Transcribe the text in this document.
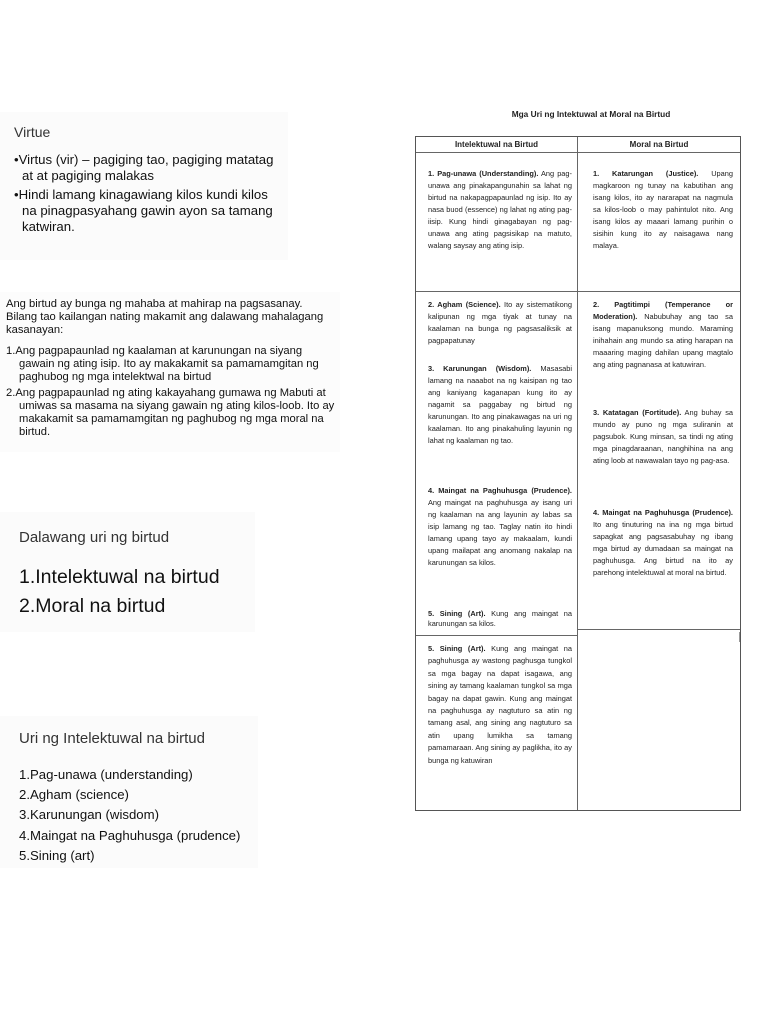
Virtue
•Virtus (vir) – pagiging tao, pagiging matatag at at pagiging malakas
•Hindi lamang kinagawiang kilos kundi kilos na pinagpasyahang gawin ayon sa tamang katwiran.
Ang birtud ay bunga ng mahaba at mahirap na pagsasanay. Bilang tao kailangan nating makamit ang dalawang mahalagang kasanayan:
1.Ang pagpapaunlad ng kaalaman at karunungan na siyang gawain ng ating isip. Ito ay makakamit sa pamamamgitan ng paghubog ng mga intelektwal na birtud
2.Ang pagpapaunlad ng ating kakayahang gumawa ng Mabuti at umiwas sa masama na siyang gawain ng ating kilos-loob. Ito ay makakamit sa pamamamgitan ng paghubog ng mga moral na birtud.
Dalawang uri ng birtud
1.Intelektuwal na birtud
2.Moral na birtud
Uri ng Intelektuwal na birtud
1.Pag-unawa (understanding)
2.Agham (science)
3.Karunungan (wisdom)
4.Maingat na Paghuhusga (prudence)
5.Sining (art)
Mga Uri ng Intektuwal at Moral na Birtud
Intelektuwal na Birtud	Moral na Birtud
1. Pag-unawa (Understanding). Ang pag-unawa ang pinakapangunahin sa lahat ng birtud na nakapagpapaunlad ng isip. Ito ay nasa buod (essence) ng lahat ng ating pag-iisip. Kung hindi ginagabayan ng pag-unawa ang ating pagsisikap na matuto, walang saysay ang ating isip.
2. Agham (Science). Ito ay sistematikong kalipunan ng mga tiyak at tunay na kaalaman na bunga ng pagsasaliksik at pagpapatunay
3. Karunungan (Wisdom). Masasabi lamang na naaabot na ng kaisipan ng tao ang kaniyang kaganapan kung ito ay nagamit sa paggabay ng birtud ng karunungan. Ito ang pinakawagas na uri ng kaalaman. Ito ang pinakahuling layunin ng lahat ng kaalaman ng tao.
4. Maingat na Paghuhusga (Prudence). Ang maingat na paghuhusga ay isang uri ng kaalaman na ang layunin ay labas sa isip lamang ng tao. Taglay natin ito hindi lamang upang tayo ay makaalam, kundi upang mailapat ang anomang nakalap na karunungan sa kilos.
5. Sining (Art). Kung ang maingat na karunungan sa kilos.
5. Sining (Art). Kung ang maingat na paghuhusga ay wastong paghusga tungkol sa mga bagay na dapat isagawa, ang sining ay tamang kaalaman tungkol sa mga bagay na dapat gawin. Kung ang maingat na paghuhusga ay nagtuturo sa atin ng tamang asal, ang sining ang nagtuturo sa atin upang lumikha sa tamang pamamaraan. Ang sining ay paglikha, ito ay bunga ng katuwiran
1. Katarungan (Justice). Upang magkaroon ng tunay na kabutihan ang isang kilos, ito ay nararapat na nagmula sa kilos-loob o may pahintulot nito. Ang isang kilos ay maaari lamang purihin o sisihin kung ito ay naisagawa nang malaya.
2. Pagtitimpi (Temperance or Moderation). Nabubuhay ang tao sa isang mapanuksong mundo. Maraming inihahain ang mundo sa ating harapan na maaaring maging dahilan upang magtalo ang ating pagnanasa at katuwiran.
3. Katatagan (Fortitude). Ang buhay sa mundo ay puno ng mga suliranin at pagsubok. Kung minsan, sa tindi ng ating mga pinagdaraanan, nanghihina na ang ating loob at nawawalan tayo ng pag-asa.
4. Maingat na Paghuhusga (Prudence). Ito ang tinuturing na ina ng mga birtud sapagkat ang pagsasabuhay ng ibang mga birtud ay dumadaan sa maingat na paghuhusga. Ang birtud na ito ay parehong intelektuwal at moral na birtud.
